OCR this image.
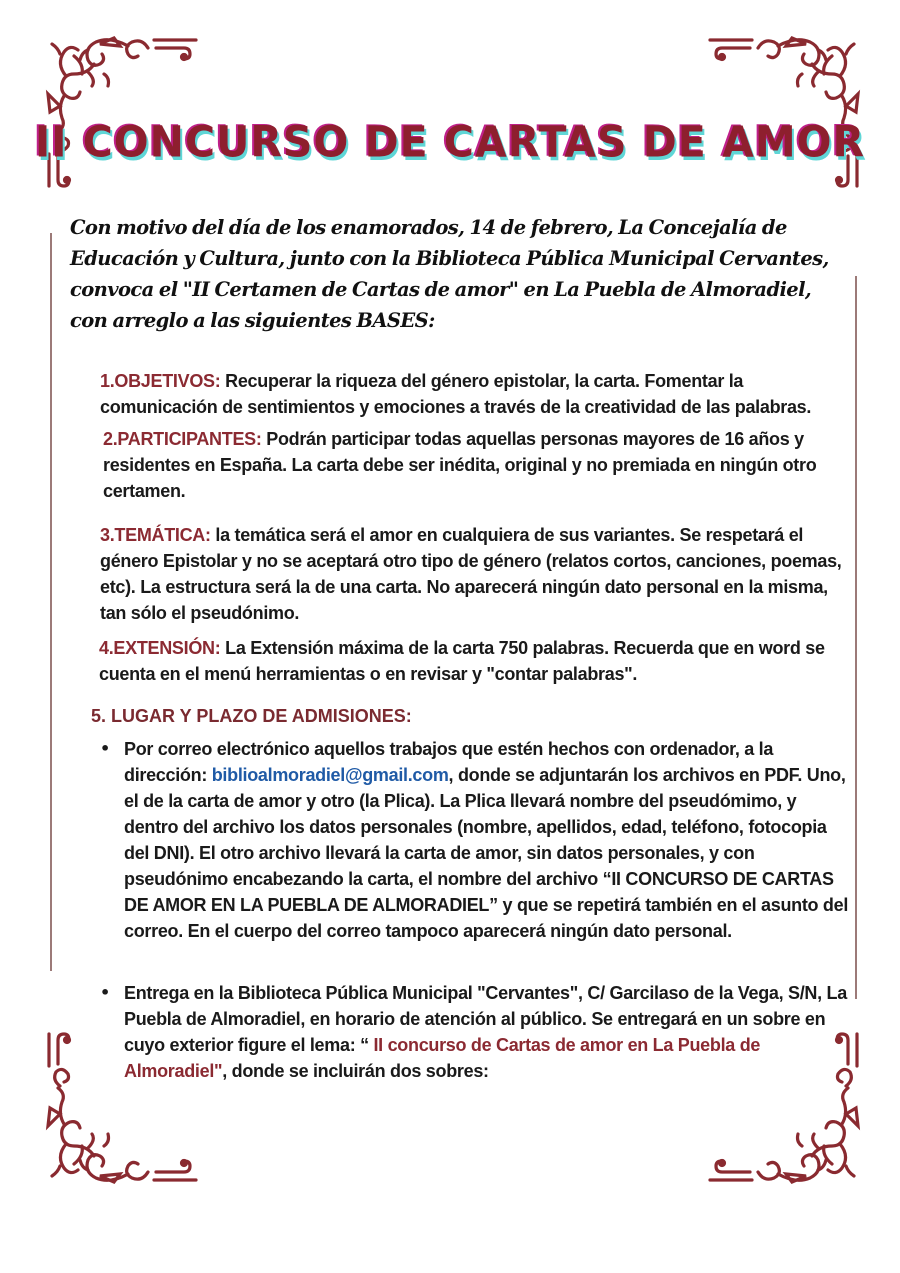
II CONCURSO DE CARTAS DE AMOR

Con motivo del día de los enamorados, 14 de febrero, La Concejalía de Educación y Cultura, junto con la Biblioteca Pública Municipal Cervantes, convoca el "II Certamen de Cartas de amor" en La Puebla de Almoradiel, con arreglo a las siguientes BASES:

1.OBJETIVOS: Recuperar la riqueza del género epistolar, la carta. Fomentar la comunicación de sentimientos y emociones a través de la creatividad de las palabras.
2.PARTICIPANTES: Podrán participar todas aquellas personas mayores de 16 años y residentes en España. La carta debe ser inédita, original y no premiada en ningún otro certamen.
3.TEMÁTICA: la temática será el amor en cualquiera de sus variantes. Se respetará el género Epistolar y no se aceptará otro tipo de género (relatos cortos, canciones, poemas, etc). La estructura será la de una carta. No aparecerá ningún dato personal en la misma, tan sólo el pseudónimo.
4.EXTENSIÓN: La Extensión máxima de la carta 750 palabras. Recuerda que en word se cuenta en el menú herramientas o en revisar y "contar palabras".
5. LUGAR Y PLAZO DE ADMISIONES:
• Por correo electrónico aquellos trabajos que estén hechos con ordenador, a la dirección: biblioalmoradiel@gmail.com, donde se adjuntarán los archivos en PDF. Uno, el de la carta de amor y otro (la Plica). La Plica llevará nombre del pseudómimo, y dentro del archivo los datos personales (nombre, apellidos, edad, teléfono, fotocopia del DNI). El otro archivo llevará la carta de amor, sin datos personales, y con pseudónimo encabezando la carta, el nombre del archivo “II CONCURSO DE CARTAS DE AMOR EN LA PUEBLA DE ALMORADIEL” y que se repetirá también en el asunto del correo. En el cuerpo del correo tampoco aparecerá ningún dato personal.
• Entrega en la Biblioteca Pública Municipal "Cervantes", C/ Garcilaso de la Vega, S/N, La Puebla de Almoradiel, en horario de atención al público. Se entregará en un sobre en cuyo exterior figure el lema: “ II concurso de Cartas de amor en La Puebla de Almoradiel", donde se incluirán dos sobres:
